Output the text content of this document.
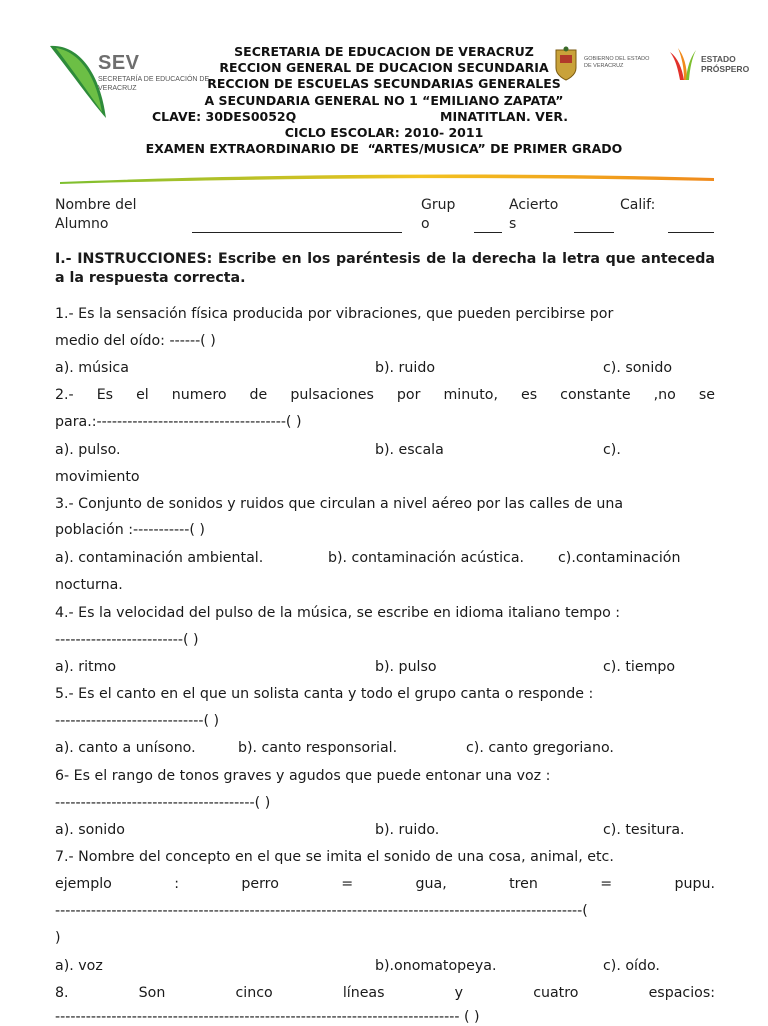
SEV
SECRETARÍA DE EDUCACIÓN DE VERACRUZ
SECRETARIA DE EDUCACION DE VERACRUZ
RECCION GENERAL DE DUCACION SECUNDARIA
RECCION DE ESCUELAS SECUNDARIAS GENERALES
A SECUNDARIA GENERAL NO 1 “EMILIANO ZAPATA”
CLAVE: 30DES0052Q	MINATITLAN. VER.
CICLO ESCOLAR: 2010- 2011
EXAMEN EXTRAORDINARIO DE  “ARTES/MUSICA” DE PRIMER GRADO
GOBIERNO DEL ESTADO DE VERACRUZ
ESTADO
PRÓSPERO
Nombre del
Alumno
Grup
o
Acierto
s
Calif:
I.- INSTRUCCIONES: Escribe en los paréntesis de la derecha la letra que anteceda a la respuesta correcta.
1.- Es la sensación física producida por vibraciones, que pueden percibirse por
medio del oído: ------( )
a). música	b). ruido	c). sonido
2.- Es el numero de pulsaciones por minuto, es constante ,no se
para.:-------------------------------------( )
a). pulso.	b). escala	c).
movimiento
3.- Conjunto de sonidos y ruidos que circulan a nivel aéreo por las calles de una
población :-----------( )
a). contaminación ambiental.	b). contaminación acústica. c).contaminación
nocturna.
4.- Es la velocidad del pulso de la música, se escribe en idioma italiano tempo :
-------------------------( )
a). ritmo	b). pulso	c). tiempo
5.- Es el canto en el que un solista canta y todo el grupo canta o responde :
-----------------------------( )
a). canto a unísono.	b). canto responsorial.	c). canto gregoriano.
6- Es el rango de tonos graves y agudos que puede entonar una voz :
---------------------------------------( )
a). sonido	b). ruido.	c). tesitura.
7.- Nombre del concepto en el que se imita el sonido de una cosa, animal, etc.
ejemplo	:	perro	=	gua,	tren	=	pupu.
-------------------------------------------------------------------------------------------------------(
)
a). voz	b).onomatopeya.	c). oído.
8.	Son	cinco	líneas	y	cuatro	espacios:
------------------------------------------------------------------------------- ( )
